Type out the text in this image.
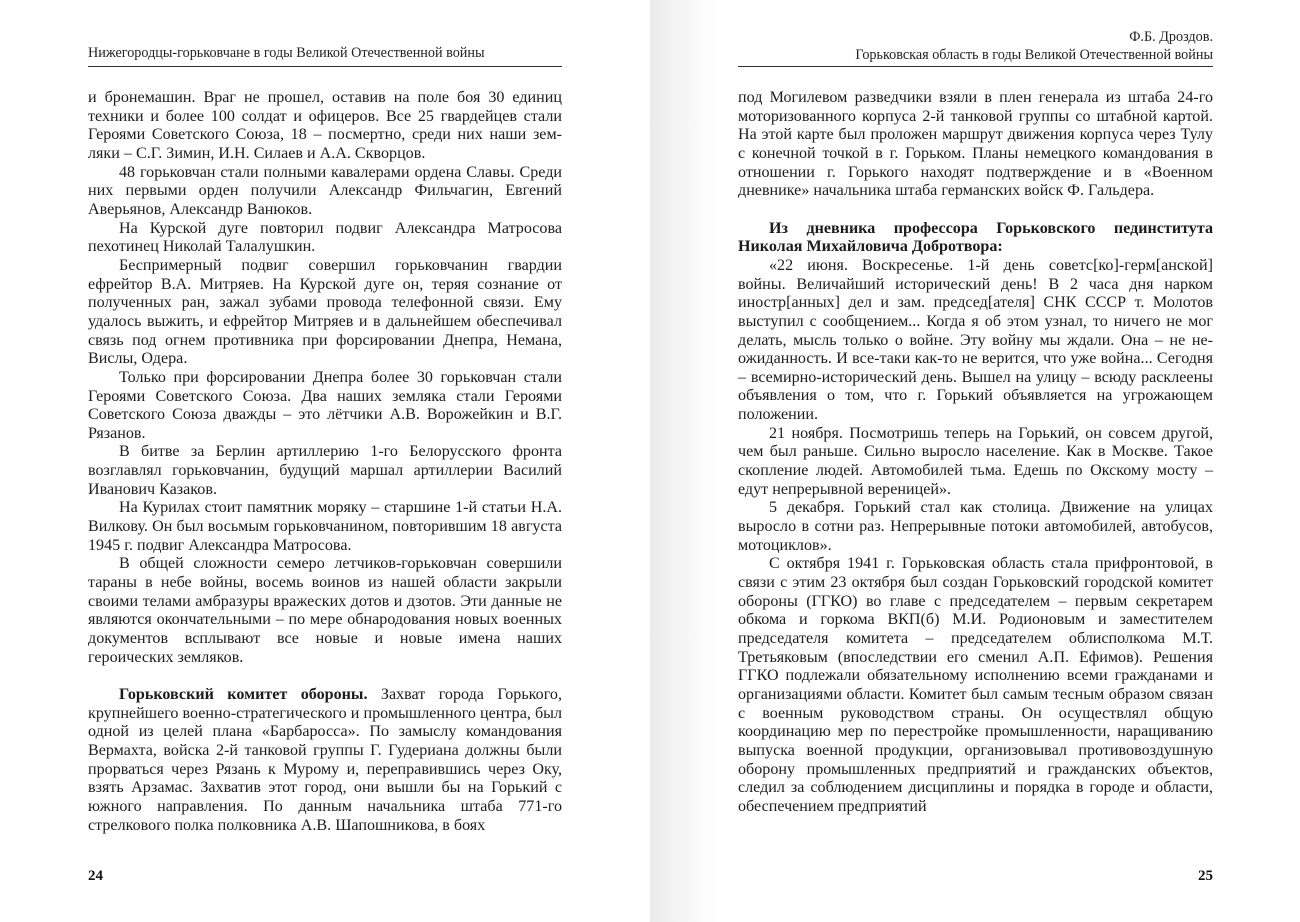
Нижегородцы-горьковчане в годы Великой Отечественной войны

и бронемашин. Враг не прошел, оставив на поле боя 30 единиц техники и более 100 солдат и офицеров. Все 25 гвардейцев стали Героями Советского Союза, 18 – посмертно, среди них наши земляки – С.Г. Зимин, И.Н. Силаев и А.А. Скворцов.

48 горьковчан стали полными кавалерами ордена Славы. Среди них первыми орден получили Александр Фильчагин, Евгений Аверьянов, Александр Ванюков.

На Курской дуге повторил подвиг Александра Матросова пехотинец Николай Талалушкин.

Беспримерный подвиг совершил горьковчанин гвардии ефрейтор В.А. Митряев. На Курской дуге он, теряя сознание от полученных ран, зажал зубами провода телефонной связи. Ему удалось выжить, и ефрейтор Митряев и в дальнейшем обеспечивал связь под огнем противника при форсировании Днепра, Немана, Вислы, Одера.

Только при форсировании Днепра более 30 горьковчан стали Героями Советского Союза. Два наших земляка стали Героями Советского Союза дважды – это лётчики А.В. Ворожейкин и В.Г. Рязанов.

В битве за Берлин артиллерию 1-го Белорусского фронта возглавлял горьковчанин, будущий маршал артиллерии Василий Иванович Казаков.

На Курилах стоит памятник моряку – старшине 1-й статьи Н.А. Вилкову. Он был восьмым горьковчанином, повторившим 18 августа 1945 г. подвиг Александра Матросова.

В общей сложности семеро летчиков-горьковчан совершили тараны в небе войны, восемь воинов из нашей области закрыли своими телами амбразуры вражеских дотов и дзотов. Эти данные не являются окончательными – по мере обнародования новых военных документов всплывают все новые и новые имена наших героических земляков.

Горьковский комитет обороны. Захват города Горького, крупнейшего военно-стратегического и промышленного центра, был одной из целей плана «Барбаросса». По замыслу командования Вермахта, войска 2-й танковой группы Г. Гудериана должны были прорваться через Рязань к Мурому и, переправившись через Оку, взять Арзамас. Захватив этот город, они вышли бы на Горький с южного направления. По данным начальника штаба 771-го стрелкового полка полковника А.В. Шапошникова, в боях

24
Ф.Б. Дроздов.
Горьковская область в годы Великой Отечественной войны

под Могилевом разведчики взяли в плен генерала из штаба 24-го моторизованного корпуса 2-й танковой группы со штабной картой. На этой карте был проложен маршрут движения корпуса через Тулу с конечной точкой в г. Горьком. Планы немецкого командования в отношении г. Горького находят подтверждение и в «Военном дневнике» начальника штаба германских войск Ф. Гальдера.

Из дневника профессора Горьковского пединститута Николая Михайловича Добротвора:

«22 июня. Воскресенье. 1-й день советс[ко]-герм[анской] войны. Величайший исторический день! В 2 часа дня нарком иностр[анных] дел и зам. председ[ателя] СНК СССР т. Молотов выступил с сообщением... Когда я об этом узнал, то ничего не мог делать, мысль только о войне. Эту войну мы ждали. Она – не неожиданность. И все-таки как-то не верится, что уже война... Сегодня – всемирно-исторический день. Вышел на улицу – всюду расклеены объявления о том, что г. Горький объявляется на угрожающем положении.

21 ноября. Посмотришь теперь на Горький, он совсем другой, чем был раньше. Сильно выросло население. Как в Москве. Такое скопление людей. Автомобилей тьма. Едешь по Окскому мосту – едут непрерывной вереницей».

5 декабря. Горький стал как столица. Движение на улицах выросло в сотни раз. Непрерывные потоки автомобилей, автобусов, мотоциклов».

С октября 1941 г. Горьковская область стала прифронтовой, в связи с этим 23 октября был создан Горьковский городской комитет обороны (ГГКО) во главе с председателем – первым секретарем обкома и горкома ВКП(б) М.И. Родионовым и заместителем председателя комитета – председателем облисполкома М.Т. Третьяковым (впоследствии его сменил А.П. Ефимов). Решения ГГКО подлежали обязательному исполнению всеми гражданами и организациями области. Комитет был самым тесным образом связан с военным руководством страны. Он осуществлял общую координацию мер по перестройке промышленности, наращиванию выпуска военной продукции, организовывал противовоздушную оборону промышленных предприятий и гражданских объектов, следил за соблюдением дисциплины и порядка в городе и области, обеспечением предприятий

25
